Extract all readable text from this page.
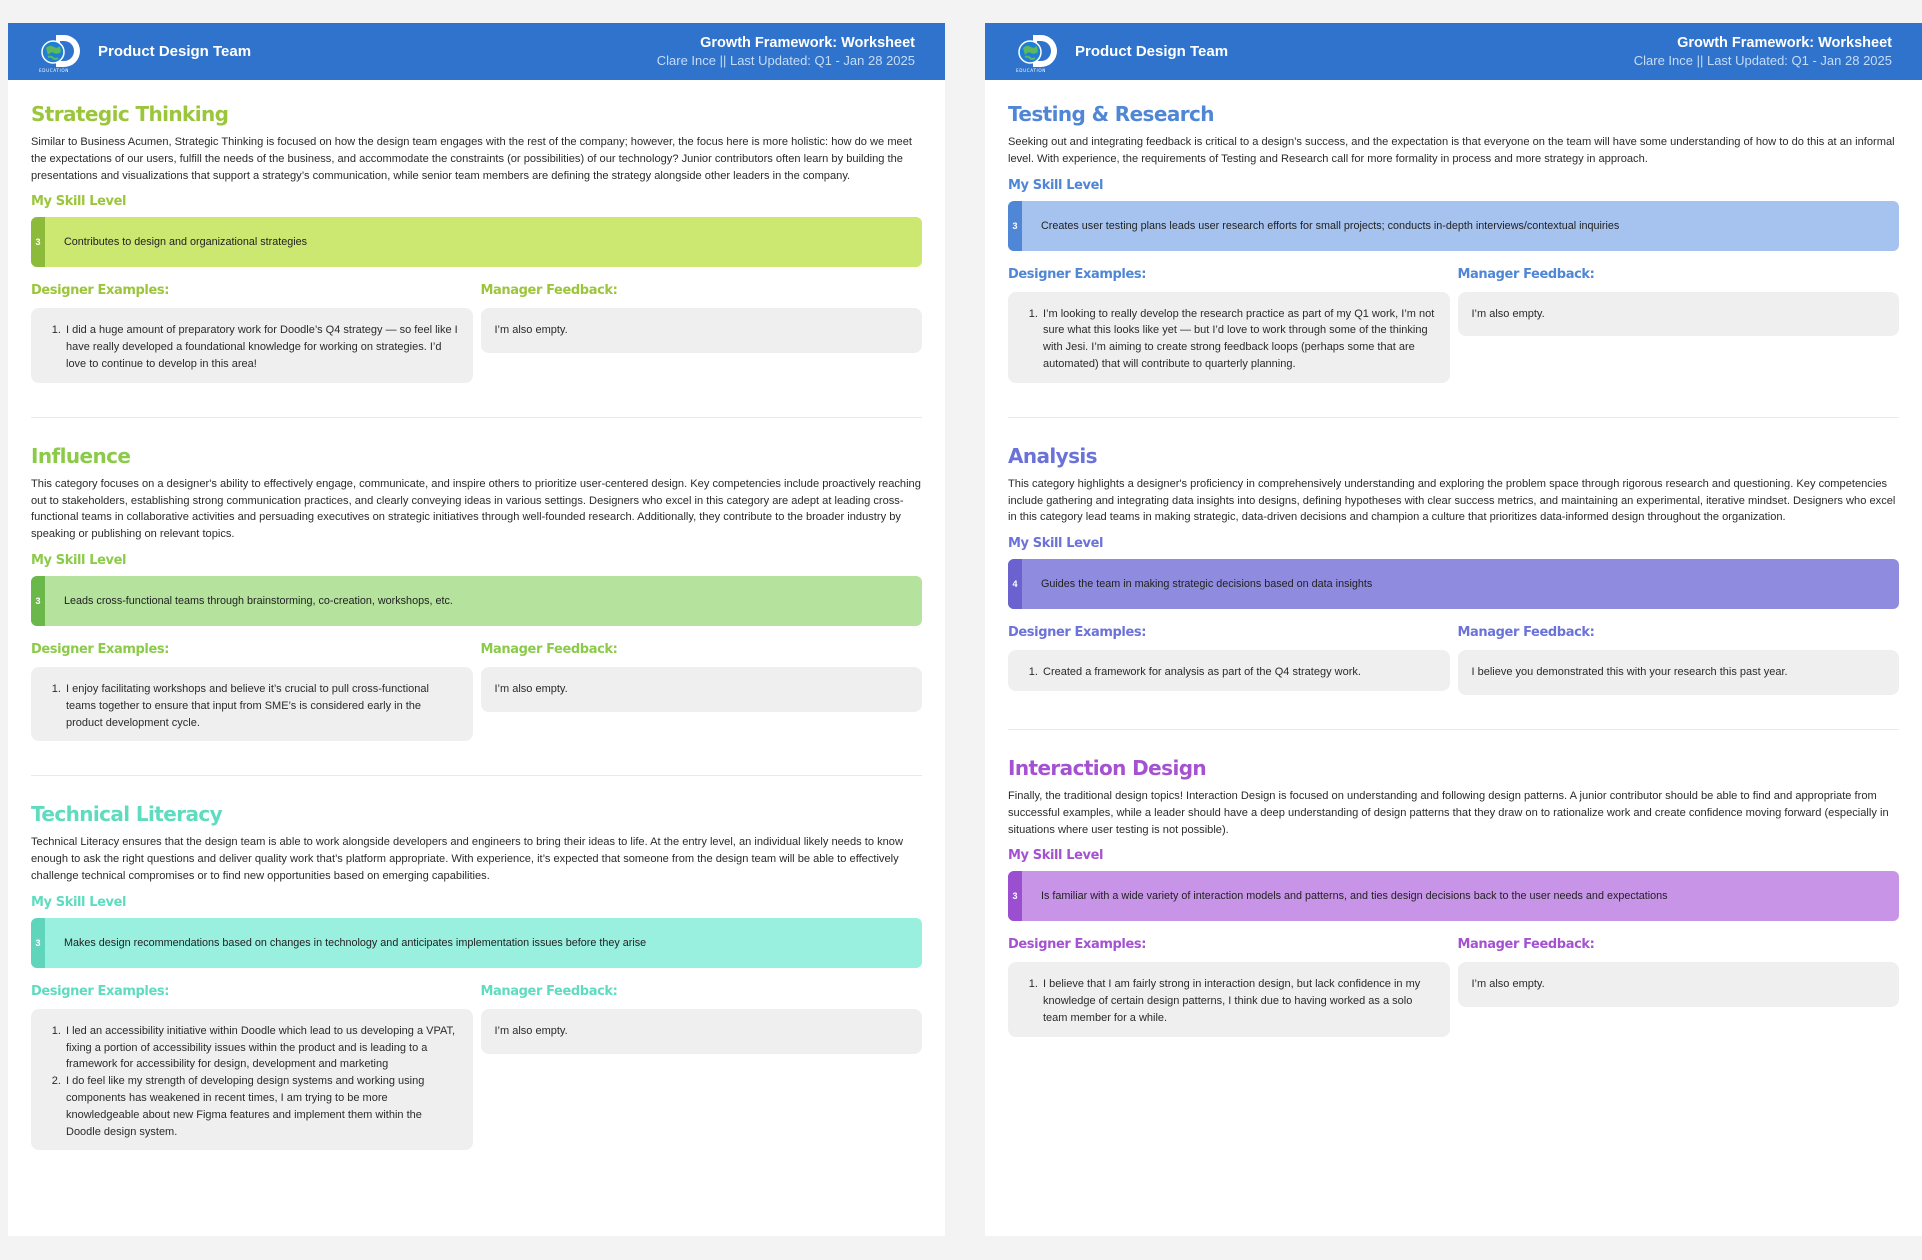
EDUCATION
Product Design Team
Growth Framework: Worksheet
Clare Ince || Last Updated: Q1 - Jan 28 2025
Strategic Thinking
Similar to Business Acumen, Strategic Thinking is focused on how the design team engages with the rest of the company; however, the focus here is more holistic: how do we meet the expectations of our users, fulfill the needs of the business, and accommodate the constraints (or possibilities) of our technology? Junior contributors often learn by building the presentations and visualizations that support a strategy’s communication, while senior team members are defining the strategy alongside other leaders in the company.
My Skill Level
3	Contributes to design and organizational strategies
Designer Examples:
1. I did a huge amount of preparatory work for Doodle’s Q4 strategy — so feel like I have really developed a foundational knowledge for working on strategies. I’d love to continue to develop in this area!
Manager Feedback:
I’m also empty.
Influence
This category focuses on a designer's ability to effectively engage, communicate, and inspire others to prioritize user-centered design. Key competencies include proactively reaching out to stakeholders, establishing strong communication practices, and clearly conveying ideas in various settings. Designers who excel in this category are adept at leading cross-functional teams in collaborative activities and persuading executives on strategic initiatives through well-founded research. Additionally, they contribute to the broader industry by speaking or publishing on relevant topics.
My Skill Level
3	Leads cross-functional teams through brainstorming, co-creation, workshops, etc.
Designer Examples:
1. I enjoy facilitating workshops and believe it’s crucial to pull cross-functional teams together to ensure that input from SME’s is considered early in the product development cycle.
Manager Feedback:
I’m also empty.
Technical Literacy
Technical Literacy ensures that the design team is able to work alongside developers and engineers to bring their ideas to life. At the entry level, an individual likely needs to know enough to ask the right questions and deliver quality work that’s platform appropriate. With experience, it’s expected that someone from the design team will be able to effectively challenge technical compromises or to find new opportunities based on emerging capabilities.
My Skill Level
3	Makes design recommendations based on changes in technology and anticipates implementation issues before they arise
Designer Examples:
1. I led an accessibility initiative within Doodle which lead to us developing a VPAT, fixing a portion of accessibility issues within the product and is leading to a framework for accessibility for design, development and marketing
2. I do feel like my strength of developing design systems and working using components has weakened in recent times, I am trying to be more knowledgeable about new Figma features and implement them within the Doodle design system.
Manager Feedback:
I’m also empty.
EDUCATION
Product Design Team
Growth Framework: Worksheet
Clare Ince || Last Updated: Q1 - Jan 28 2025
Testing & Research
Seeking out and integrating feedback is critical to a design’s success, and the expectation is that everyone on the team will have some understanding of how to do this at an informal level. With experience, the requirements of Testing and Research call for more formality in process and more strategy in approach.
My Skill Level
3	Creates user testing plans leads user research efforts for small projects; conducts in-depth interviews/contextual inquiries
Designer Examples:
1. I’m looking to really develop the research practice as part of my Q1 work, I’m not sure what this looks like yet — but I’d love to work through some of the thinking with Jesi. I’m aiming to create strong feedback loops (perhaps some that are automated) that will contribute to quarterly planning.
Manager Feedback:
I’m also empty.
Analysis
This category highlights a designer's proficiency in comprehensively understanding and exploring the problem space through rigorous research and questioning. Key competencies include gathering and integrating data insights into designs, defining hypotheses with clear success metrics, and maintaining an experimental, iterative mindset. Designers who excel in this category lead teams in making strategic, data-driven decisions and champion a culture that prioritizes data-informed design throughout the organization.
My Skill Level
4	Guides the team in making strategic decisions based on data insights
Designer Examples:
1. Created a framework for analysis as part of the Q4 strategy work.
Manager Feedback:
I believe you demonstrated this with your research this past year.
Interaction Design
Finally, the traditional design topics! Interaction Design is focused on understanding and following design patterns. A junior contributor should be able to find and appropriate from successful examples, while a leader should have a deep understanding of design patterns that they draw on to rationalize work and create confidence moving forward (especially in situations where user testing is not possible).
My Skill Level
3	Is familiar with a wide variety of interaction models and patterns, and ties design decisions back to the user needs and expectations
Designer Examples:
1. I believe that I am fairly strong in interaction design, but lack confidence in my knowledge of certain design patterns, I think due to having worked as a solo team member for a while.
Manager Feedback:
I’m also empty.
